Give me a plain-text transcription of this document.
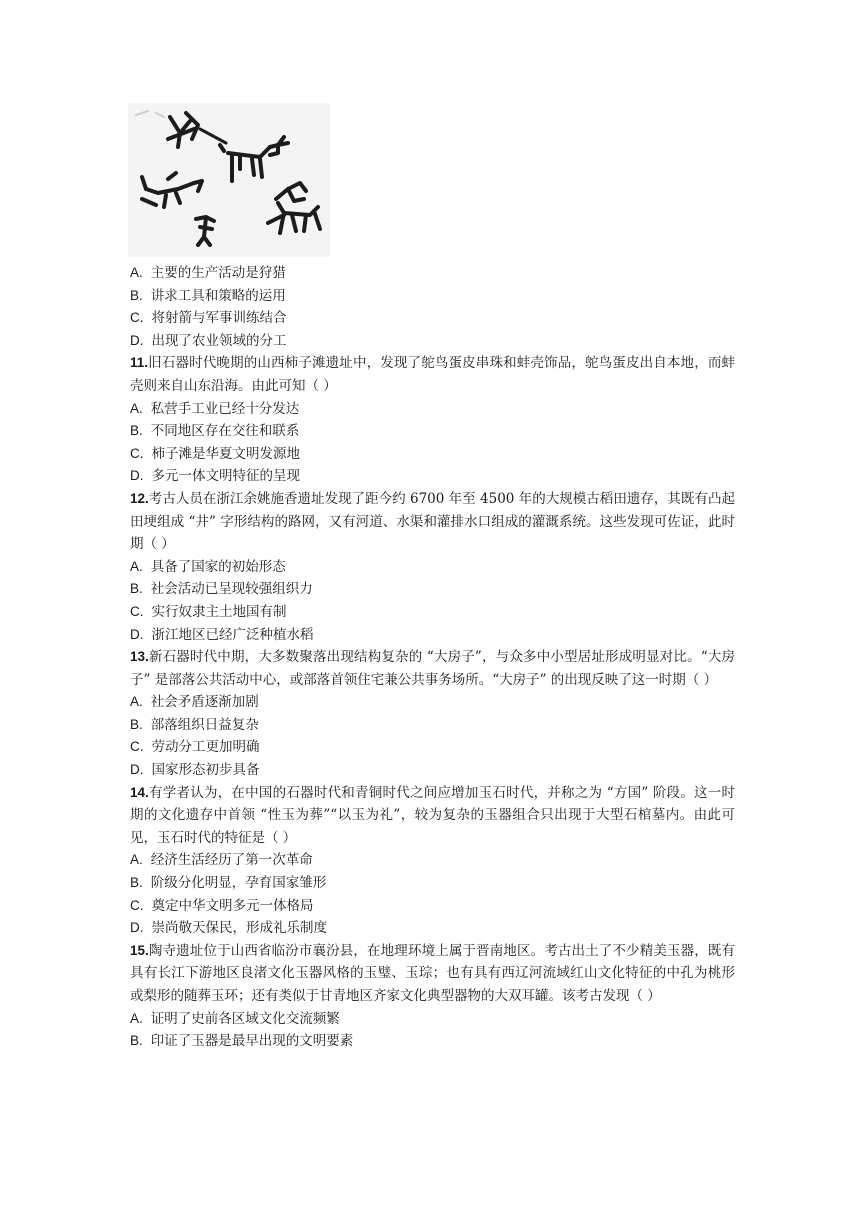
A. 主要的生产活动是狩猎
B. 讲求工具和策略的运用
C. 将射箭与军事训练结合
D. 出现了农业领域的分工
11.旧石器时代晚期的山西柿子滩遗址中，发现了鸵鸟蛋皮串珠和蚌壳饰品，鸵鸟蛋皮出自本地，而蚌壳则来自山东沿海。由此可知（ ）
A. 私营手工业已经十分发达
B. 不同地区存在交往和联系
C. 柿子滩是华夏文明发源地
D. 多元一体文明特征的呈现
12.考古人员在浙江余姚施香遗址发现了距今约 6700 年至 4500 年的大规模古稻田遗存，其既有凸起田埂组成 “井” 字形结构的路网，又有河道、水渠和灌排水口组成的灌溉系统。这些发现可佐证，此时期（ ）
A. 具备了国家的初始形态
B. 社会活动已呈现较强组织力
C. 实行奴隶主土地国有制
D. 浙江地区已经广泛种植水稻
13.新石器时代中期，大多数聚落出现结构复杂的 “大房子”，与众多中小型居址形成明显对比。“大房子” 是部落公共活动中心，或部落首领住宅兼公共事务场所。“大房子” 的出现反映了这一时期（ ）
A. 社会矛盾逐渐加剧
B. 部落组织日益复杂
C. 劳动分工更加明确
D. 国家形态初步具备
14.有学者认为，在中国的石器时代和青铜时代之间应增加玉石时代，并称之为 “方国” 阶段。这一时期的文化遗存中首领 “性玉为葬”“以玉为礼”，较为复杂的玉器组合只出现于大型石棺墓内。由此可见，玉石时代的特征是（ ）
A. 经济生活经历了第一次革命
B. 阶级分化明显，孕育国家雏形
C. 奠定中华文明多元一体格局
D. 崇尚敬天保民，形成礼乐制度
15.陶寺遗址位于山西省临汾市襄汾县，在地理环境上属于晋南地区。考古出土了不少精美玉器，既有具有长江下游地区良渚文化玉器风格的玉璧、玉琮；也有具有西辽河流域红山文化特征的中孔为桃形或梨形的随葬玉环；还有类似于甘青地区齐家文化典型器物的大双耳罐。该考古发现（ ）
A. 证明了史前各区域文化交流频繁
B. 印证了玉器是最早出现的文明要素
